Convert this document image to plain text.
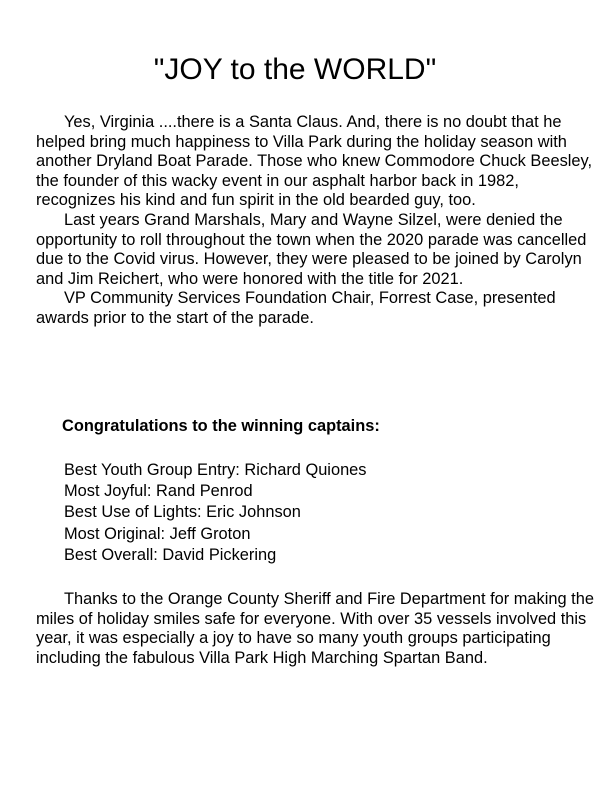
"JOY to the WORLD"

Yes, Virginia ....there is a Santa Claus. And, there is no doubt that he helped bring much happiness to Villa Park during the holiday season with another Dryland Boat Parade. Those who knew Commodore Chuck Beesley, the founder of this wacky event in our asphalt harbor back in 1982, recognizes his kind and fun spirit in the old bearded guy, too.

Last years Grand Marshals, Mary and Wayne Silzel, were denied the opportunity to roll throughout the town when the 2020 parade was cancelled due to the Covid virus. However, they were pleased to be joined by Carolyn and Jim Reichert, who were honored with the title for 2021.

VP Community Services Foundation Chair, Forrest Case, presented awards prior to the start of the parade.

Congratulations to the winning captains:
Best Youth Group Entry: Richard Quiones
Most Joyful: Rand Penrod
Best Use of Lights: Eric Johnson
Most Original: Jeff Groton
Best Overall: David Pickering

Thanks to the Orange County Sheriff and Fire Department for making the miles of holiday smiles safe for everyone. With over 35 vessels involved this year, it was especially a joy to have so many youth groups participating including the fabulous Villa Park High Marching Spartan Band.
